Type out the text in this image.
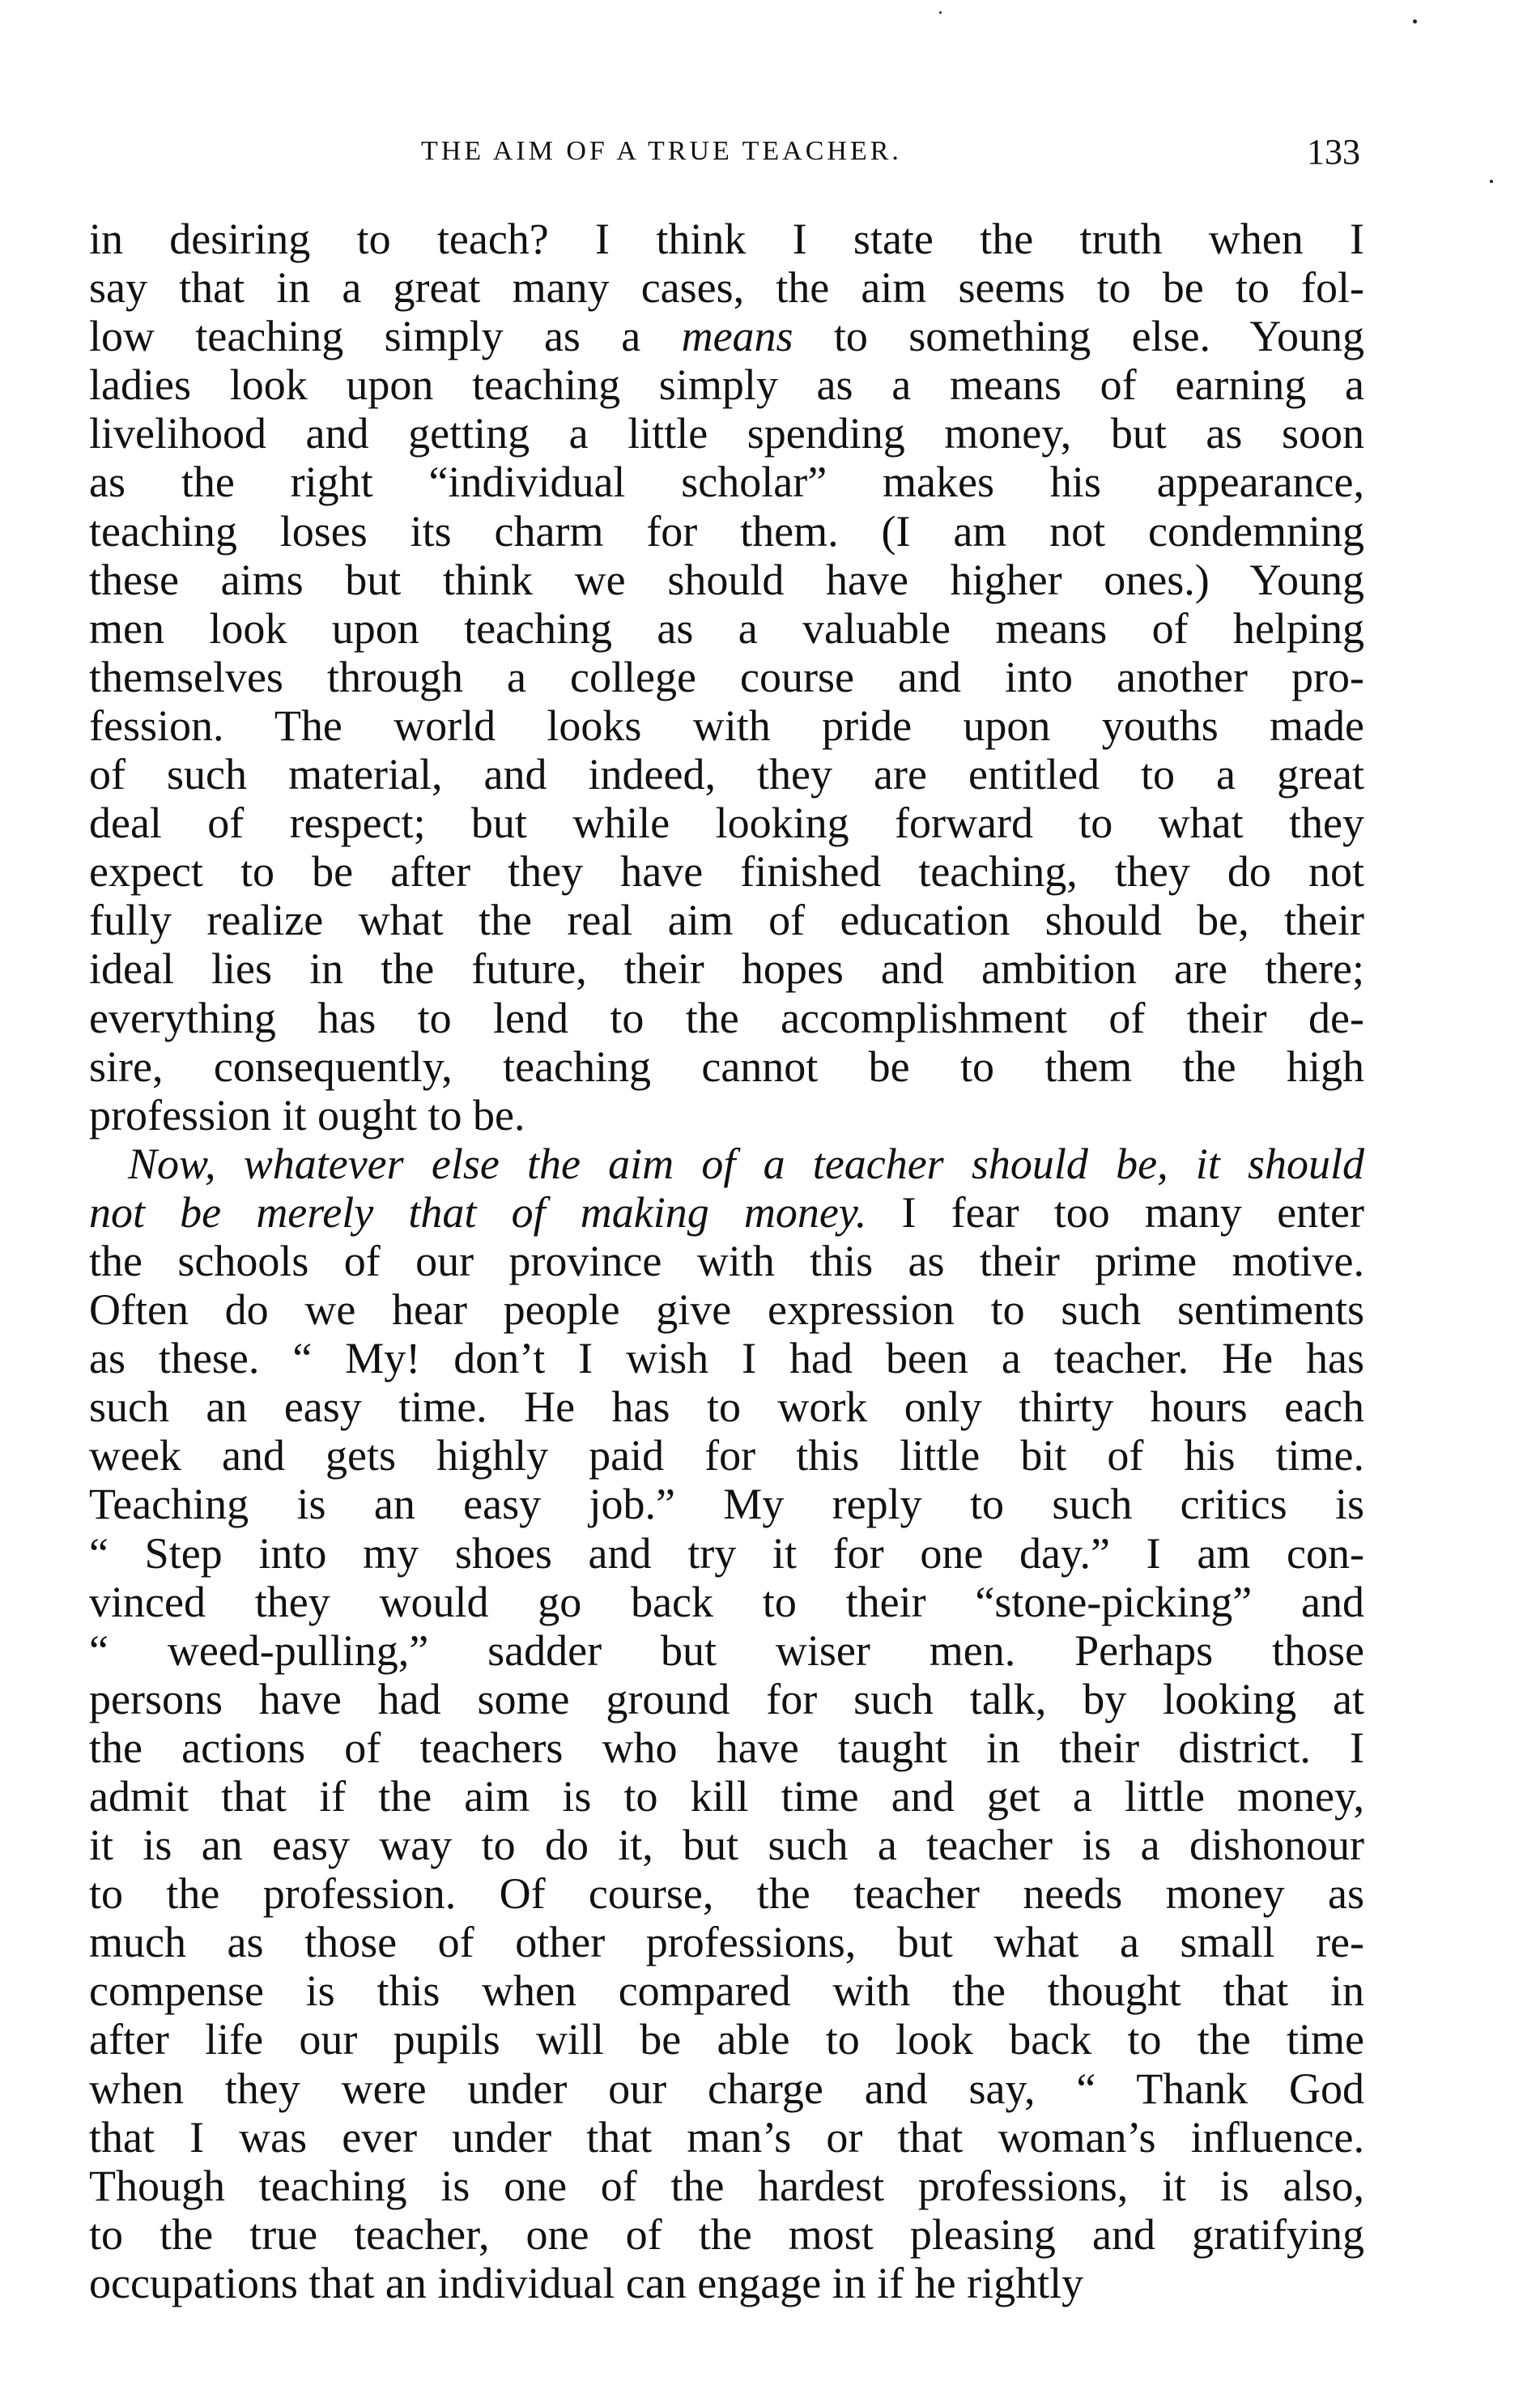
THE AIM OF A TRUE TEACHER.	133
in desiring to teach? I think I state the truth when I
say that in a great many cases, the aim seems to be to fol-
low teaching simply as a means to something else. Young
ladies look upon teaching simply as a means of earning a
livelihood and getting a little spending money, but as soon
as the right “individual scholar” makes his appearance,
teaching loses its charm for them. (I am not condemning
these aims but think we should have higher ones.) Young
men look upon teaching as a valuable means of helping
themselves through a college course and into another pro-
fession. The world looks with pride upon youths made
of such material, and indeed, they are entitled to a great
deal of respect; but while looking forward to what they
expect to be after they have finished teaching, they do not
fully realize what the real aim of education should be, their
ideal lies in the future, their hopes and ambition are there;
everything has to lend to the accomplishment of their de-
sire, consequently, teaching cannot be to them the high
profession it ought to be.
Now, whatever else the aim of a teacher should be, it should
not be merely that of making money. I fear too many enter
the schools of our province with this as their prime motive.
Often do we hear people give expression to such sentiments
as these. “ My! don’t I wish I had been a teacher. He has
such an easy time. He has to work only thirty hours each
week and gets highly paid for this little bit of his time.
Teaching is an easy job.” My reply to such critics is
“ Step into my shoes and try it for one day.” I am con-
vinced they would go back to their “stone-picking” and
“ weed-pulling,” sadder but wiser men. Perhaps those
persons have had some ground for such talk, by looking at
the actions of teachers who have taught in their district. I
admit that if the aim is to kill time and get a little money,
it is an easy way to do it, but such a teacher is a dishonour
to the profession. Of course, the teacher needs money as
much as those of other professions, but what a small re-
compense is this when compared with the thought that in
after life our pupils will be able to look back to the time
when they were under our charge and say, “ Thank God
that I was ever under that man’s or that woman’s influence.
Though teaching is one of the hardest professions, it is also,
to the true teacher, one of the most pleasing and gratifying
occupations that an individual can engage in if he rightly
